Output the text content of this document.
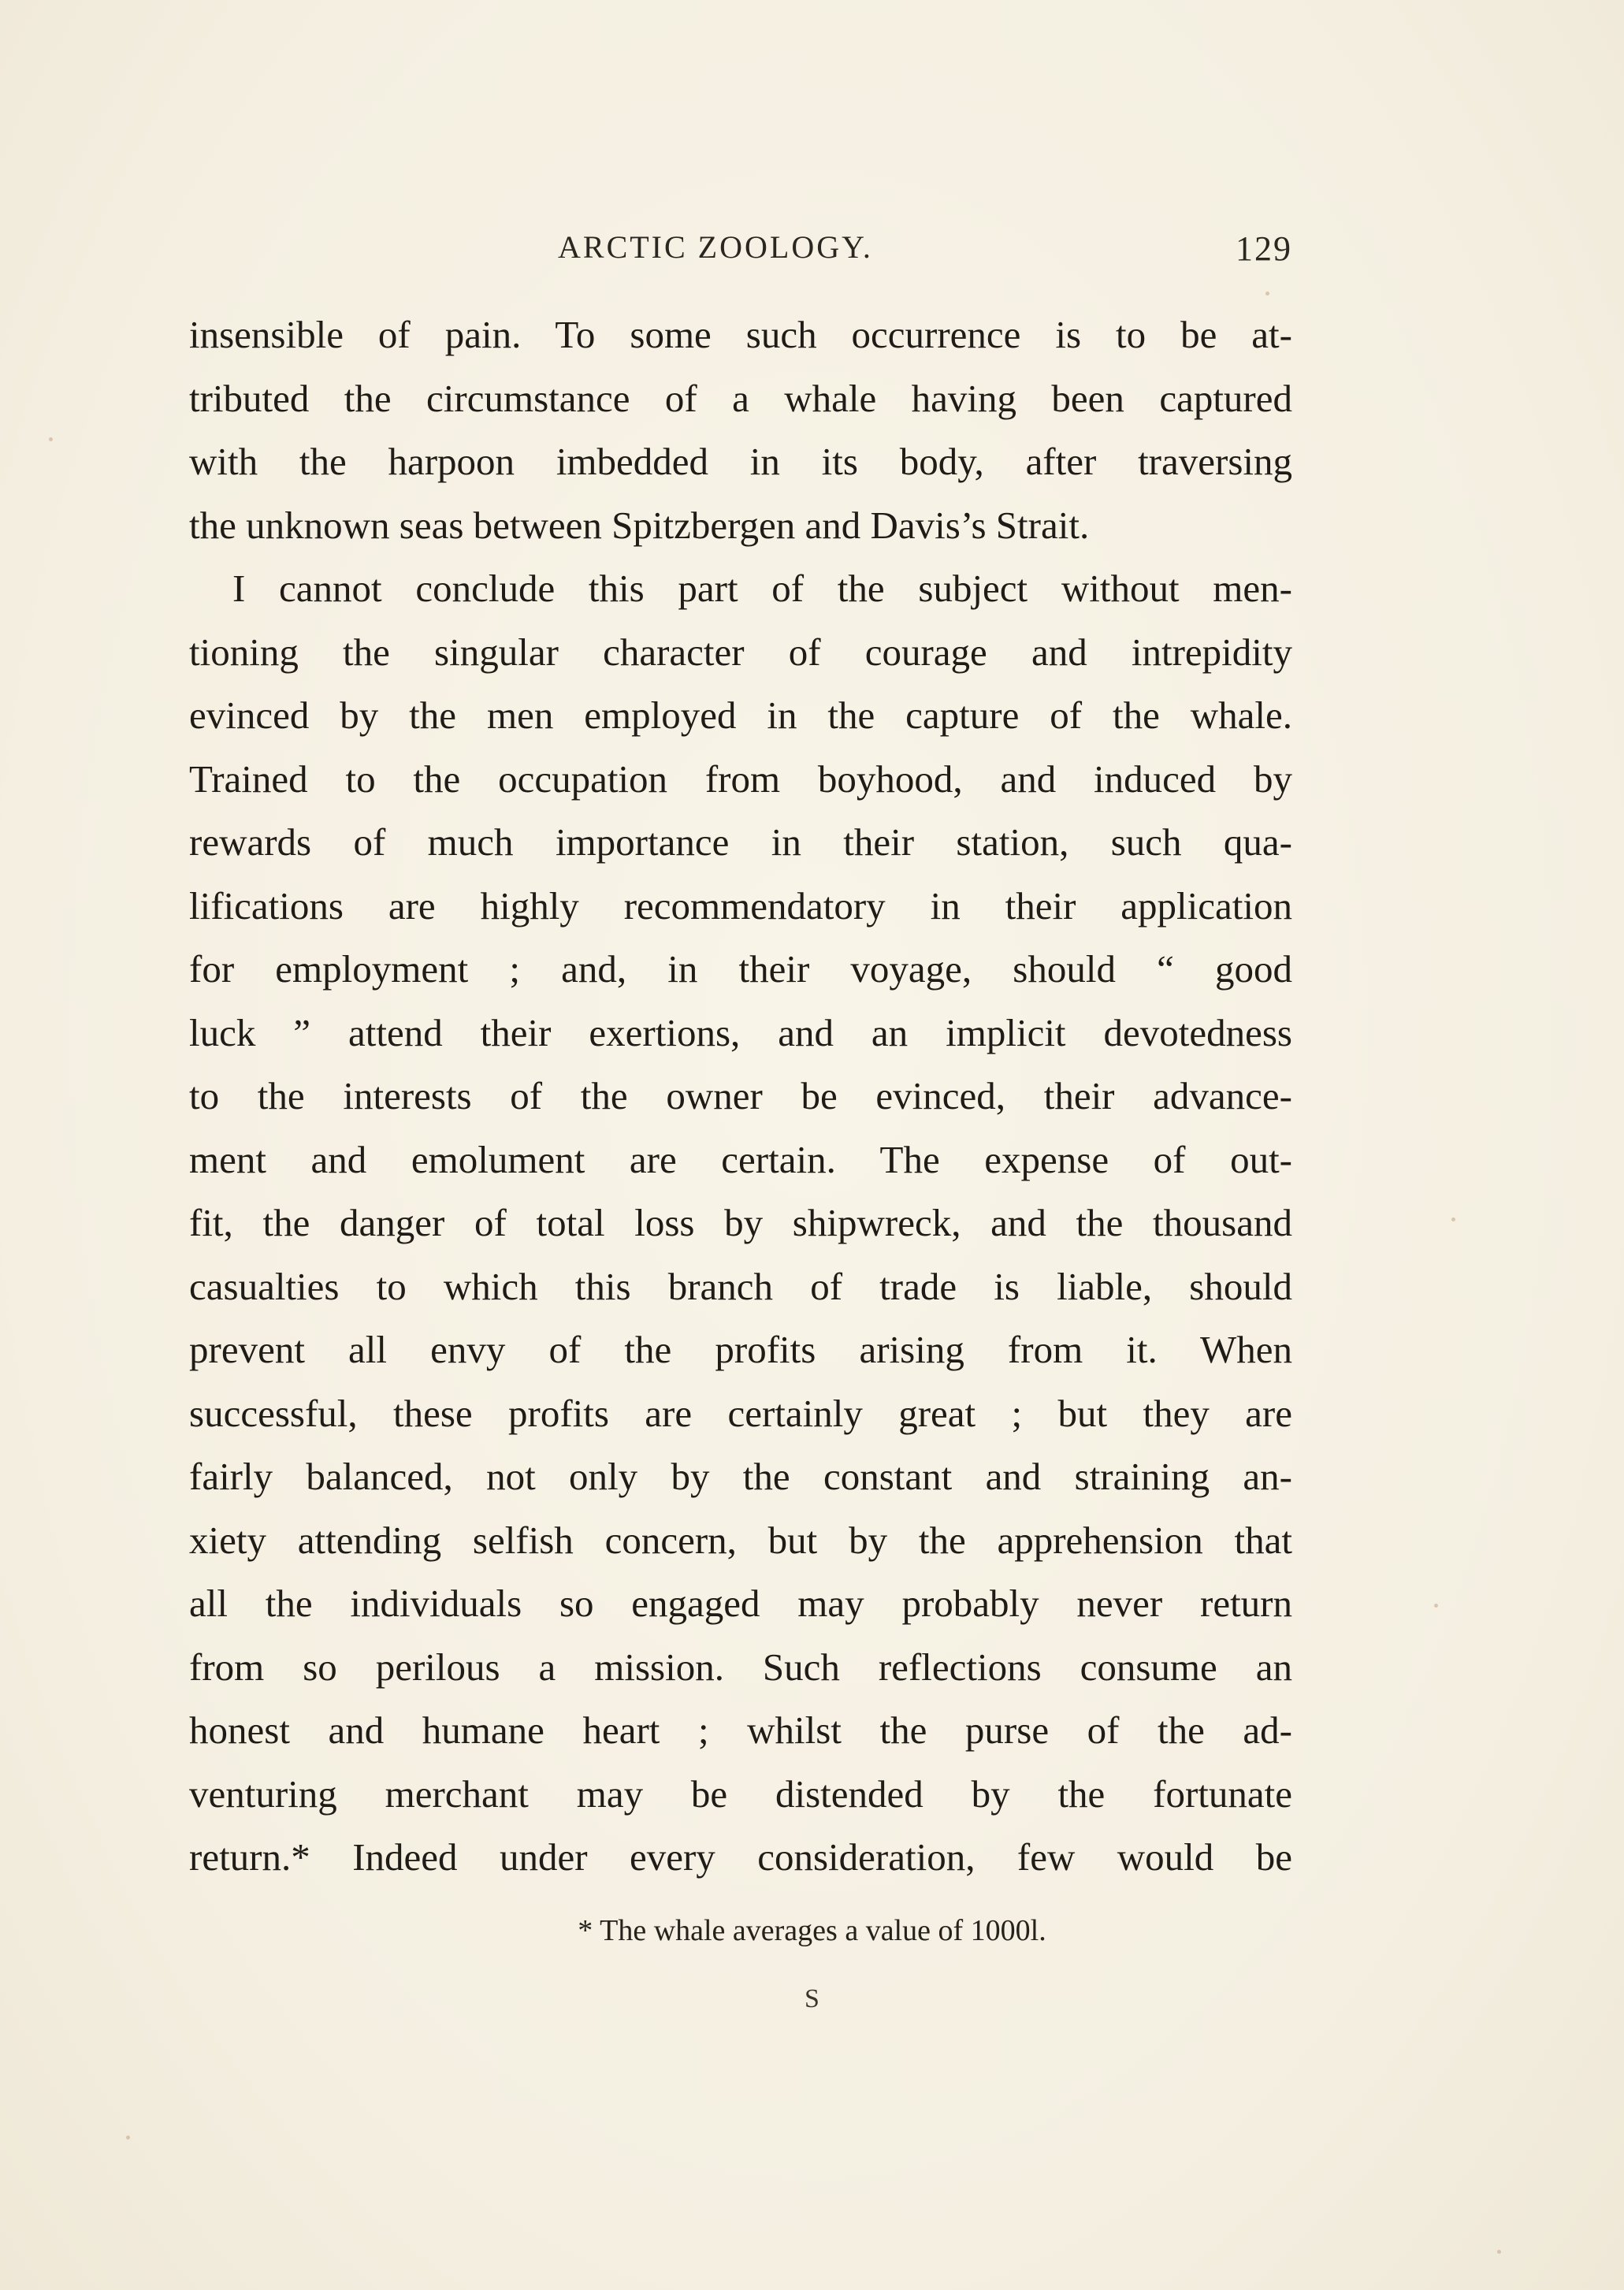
ARCTIC ZOOLOGY.	129
insensible of pain. To some such occurrence is to be at-
tributed the circumstance of a whale having been captured
with the harpoon imbedded in its body, after traversing
the unknown seas between Spitzbergen and Davis’s Strait.
I cannot conclude this part of the subject without men-
tioning the singular character of courage and intrepidity
evinced by the men employed in the capture of the whale.
Trained to the occupation from boyhood, and induced by
rewards of much importance in their station, such qua-
lifications are highly recommendatory in their application
for employment ; and, in their voyage, should “ good
luck ” attend their exertions, and an implicit devotedness
to the interests of the owner be evinced, their advance-
ment and emolument are certain. The expense of out-
fit, the danger of total loss by shipwreck, and the thousand
casualties to which this branch of trade is liable, should
prevent all envy of the profits arising from it. When
successful, these profits are certainly great ; but they are
fairly balanced, not only by the constant and straining an-
xiety attending selfish concern, but by the apprehension that
all the individuals so engaged may probably never return
from so perilous a mission. Such reflections consume an
honest and humane heart ; whilst the purse of the ad-
venturing merchant may be distended by the fortunate
return.* Indeed under every consideration, few would be
* The whale averages a value of 1000l.
S
